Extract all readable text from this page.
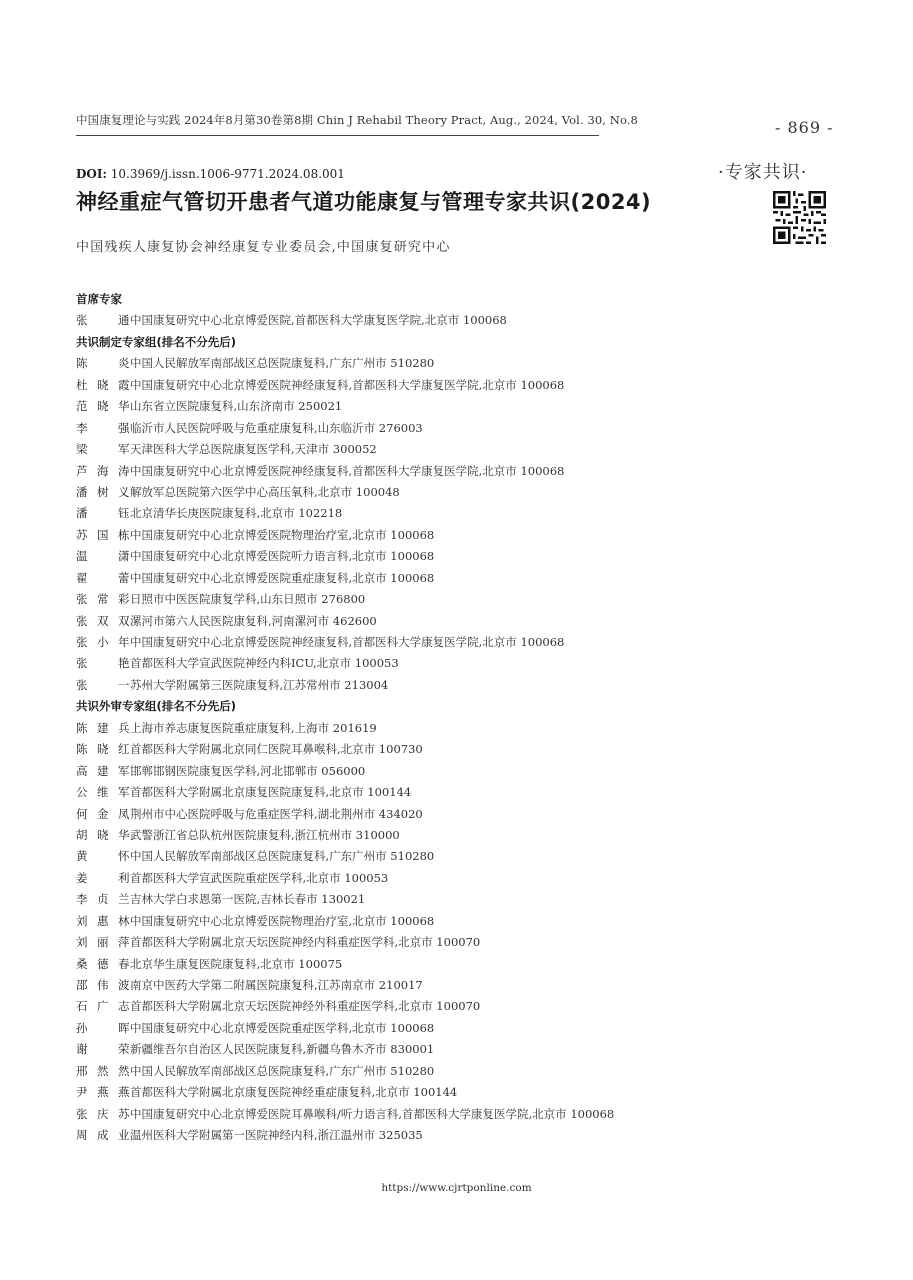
中国康复理论与实践 2024年8月第30卷第8期 Chin J Rehabil Theory Pract, Aug., 2024, Vol. 30, No.8	- 869 -
DOI: 10.3969/j.issn.1006-9771.2024.08.001	·专家共识·
神经重症气管切开患者气道功能康复与管理专家共识(2024)
中国残疾人康复协会神经康复专业委员会,中国康复研究中心
首席专家
张　通 中国康复研究中心北京博爱医院,首都医科大学康复医学院,北京市 100068
共识制定专家组(排名不分先后)
陈　炎 中国人民解放军南部战区总医院康复科,广东广州市 510280
杜晓霞 中国康复研究中心北京博爱医院神经康复科,首都医科大学康复医学院,北京市 100068
范晓华 山东省立医院康复科,山东济南市 250021
李　强 临沂市人民医院呼吸与危重症康复科,山东临沂市 276003
梁　军 天津医科大学总医院康复医学科,天津市 300052
芦海涛 中国康复研究中心北京博爱医院神经康复科,首都医科大学康复医学院,北京市 100068
潘树义 解放军总医院第六医学中心高压氧科,北京市 100048
潘　钰 北京清华长庚医院康复科,北京市 102218
苏国栋 中国康复研究中心北京博爱医院物理治疗室,北京市 100068
温　潇 中国康复研究中心北京博爱医院听力语言科,北京市 100068
翟　蕾 中国康复研究中心北京博爱医院重症康复科,北京市 100068
张常彩 日照市中医医院康复学科,山东日照市 276800
张双双 漯河市第六人民医院康复科,河南漯河市 462600
张小年 中国康复研究中心北京博爱医院神经康复科,首都医科大学康复医学院,北京市 100068
张　艳 首都医科大学宣武医院神经内科ICU,北京市 100053
张　一 苏州大学附属第三医院康复科,江苏常州市 213004
共识外审专家组(排名不分先后)
陈建兵 上海市养志康复医院重症康复科,上海市 201619
陈晓红 首都医科大学附属北京同仁医院耳鼻喉科,北京市 100730
高建军 邯郸邯钢医院康复医学科,河北邯郸市 056000
公维军 首都医科大学附属北京康复医院康复科,北京市 100144
何金凤 荆州市中心医院呼吸与危重症医学科,湖北荆州市 434020
胡晓华 武警浙江省总队杭州医院康复科,浙江杭州市 310000
黄　怀 中国人民解放军南部战区总医院康复科,广东广州市 510280
姜　利 首都医科大学宣武医院重症医学科,北京市 100053
李贞兰 吉林大学白求恩第一医院,吉林长春市 130021
刘惠林 中国康复研究中心北京博爱医院物理治疗室,北京市 100068
刘丽萍 首都医科大学附属北京天坛医院神经内科重症医学科,北京市 100070
桑德春 北京华生康复医院康复科,北京市 100075
邵伟波 南京中医药大学第二附属医院康复科,江苏南京市 210017
石广志 首都医科大学附属北京天坛医院神经外科重症医学科,北京市 100070
孙　晖 中国康复研究中心北京博爱医院重症医学科,北京市 100068
谢　荣 新疆维吾尔自治区人民医院康复科,新疆乌鲁木齐市 830001
邢然然 中国人民解放军南部战区总医院康复科,广东广州市 510280
尹燕燕 首都医科大学附属北京康复医院神经重症康复科,北京市 100144
张庆苏 中国康复研究中心北京博爱医院耳鼻喉科/听力语言科,首都医科大学康复医学院,北京市 100068
周成业 温州医科大学附属第一医院神经内科,浙江温州市 325035
https://www.cjrtponline.com
